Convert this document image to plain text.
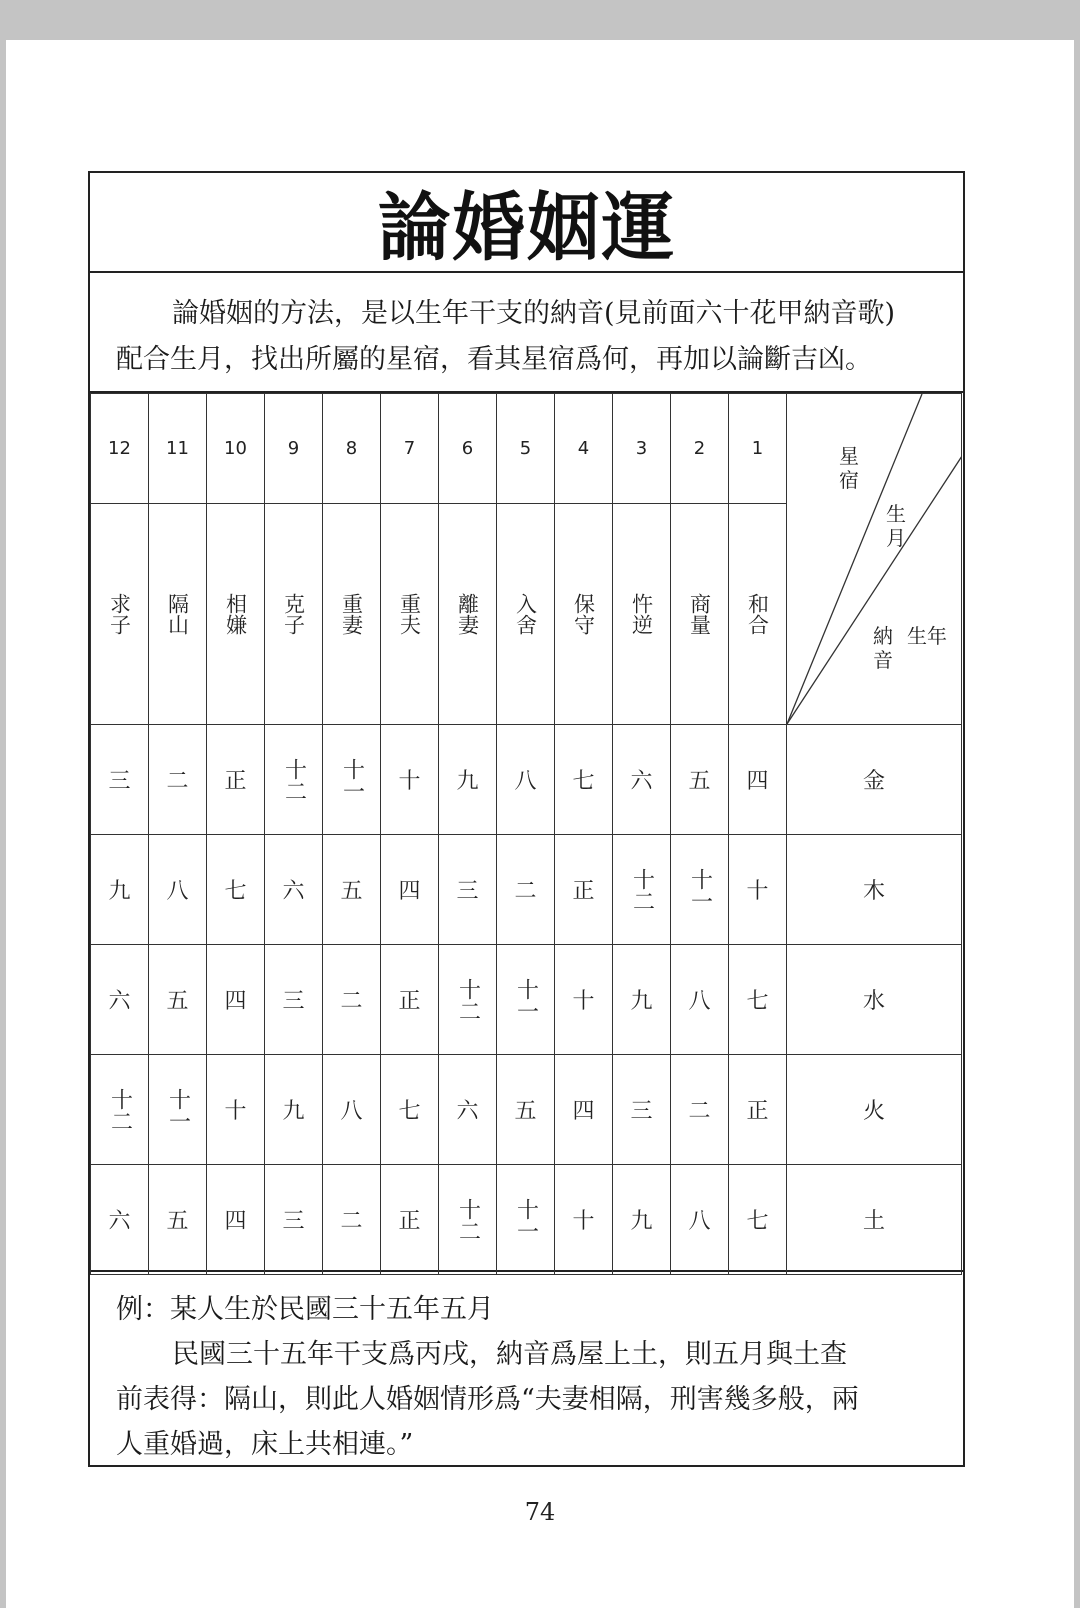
論婚姻運
論婚姻的方法，是以生年干支的納音(見前面六十花甲納音歌)
配合生月，找出所屬的星宿，看其星宿爲何，再加以論斷吉凶。
12	11	10	9	8	7	6	5	4	3	2	1	星宿
生月
納音
生年

求子	隔山	相嫌	克子	重妻	重夫	離妻	入舍	保守	忤逆	商量	和合	
三	二	正	十二	十一	十	九	八	七	六	五	四	金
九	八	七	六	五	四	三	二	正	十二	十一	十	木
六	五	四	三	二	正	十二	十一	十	九	八	七	水
十二	十一	十	九	八	七	六	五	四	三	二	正	火
六	五	四	三	二	正	十二	十一	十	九	八	七	土
例：某人生於民國三十五年五月
民國三十五年干支爲丙戌，納音爲屋上土，則五月與土查
前表得：隔山，則此人婚姻情形爲“夫妻相隔，刑害幾多般，兩
人重婚過，床上共相連。”
74
